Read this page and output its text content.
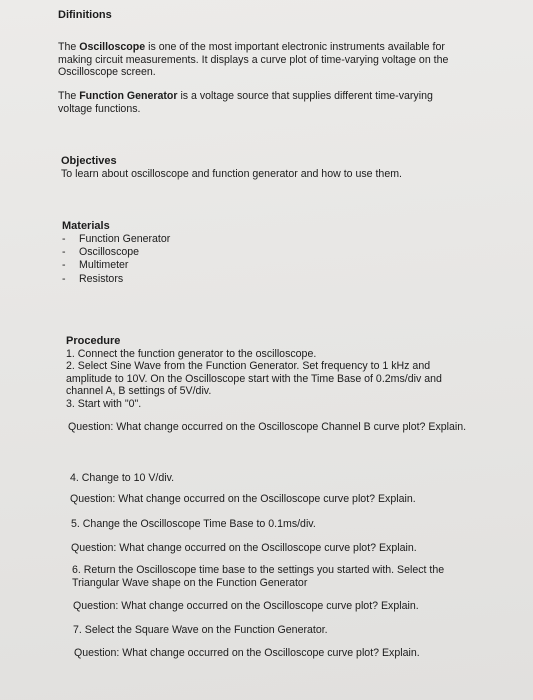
Difinitions

The Oscilloscope is one of the most important electronic instruments available for

making circuit measurements. It displays a curve plot of time-varying voltage on the

Oscilloscope screen.

The Function Generator is a voltage source that supplies different time-varying

voltage functions.

Objectives

To learn about oscilloscope and function generator and how to use them.

Materials

- Function Generator
- Oscilloscope
- Multimeter
- Resistors

Procedure

1. Connect the function generator to the oscilloscope.

2. Select Sine Wave from the Function Generator. Set frequency to 1 kHz and

amplitude to 10V. On the Oscilloscope start with the Time Base of 0.2ms/div and

channel A, B settings of 5V/div.

3. Start with "0".

Question: What change occurred on the Oscilloscope Channel B curve plot? Explain.
4. Change to 10 V/div.
Question: What change occurred on the Oscilloscope curve plot? Explain.
5. Change the Oscilloscope Time Base to 0.1ms/div.
Question: What change occurred on the Oscilloscope curve plot? Explain.

6. Return the Oscilloscope time base to the settings you started with. Select the

Triangular Wave shape on the Function Generator

Question: What change occurred on the Oscilloscope curve plot? Explain.
7. Select the Square Wave on the Function Generator.
Question: What change occurred on the Oscilloscope curve plot? Explain.
